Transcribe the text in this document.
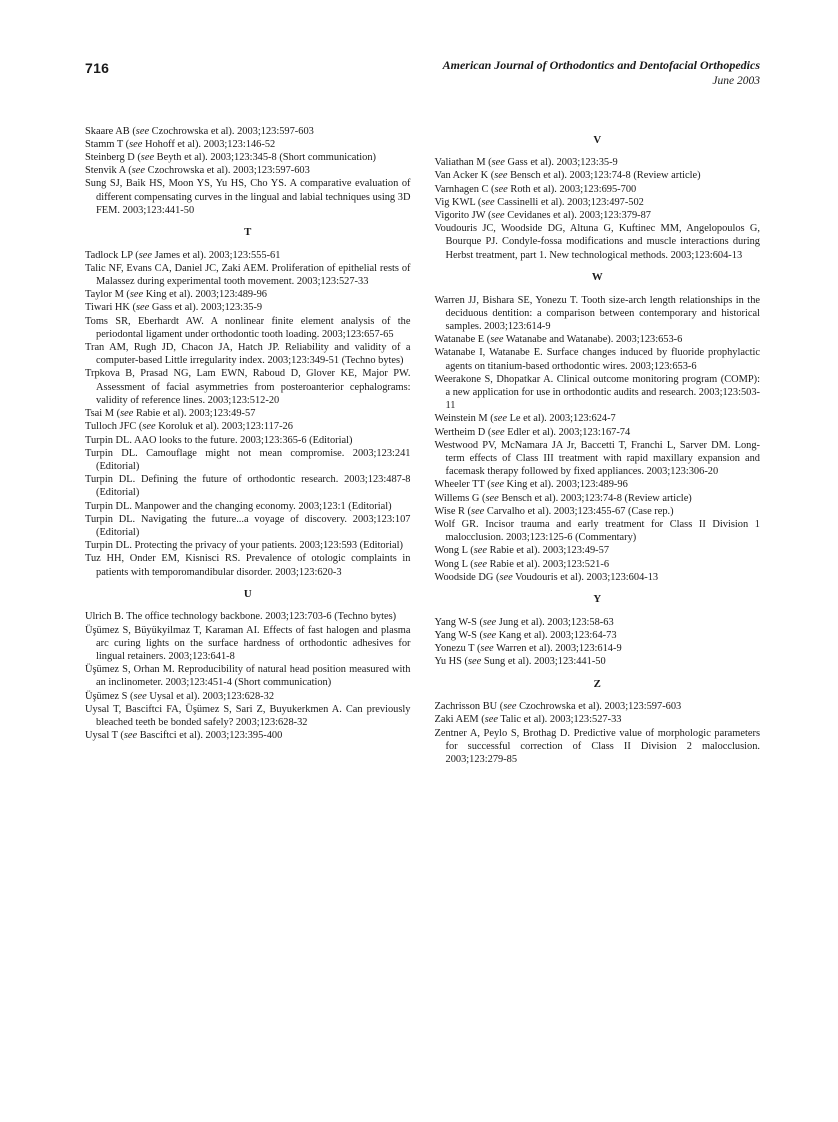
716	American Journal of Orthodontics and Dentofacial Orthopedics
June 2003
Skaare AB (see Czochrowska et al). 2003;123:597-603
Stamm T (see Hohoff et al). 2003;123:146-52
Steinberg D (see Beyth et al). 2003;123:345-8 (Short communication)
Stenvik A (see Czochrowska et al). 2003;123:597-603
Sung SJ, Baik HS, Moon YS, Yu HS, Cho YS. A comparative evaluation of different compensating curves in the lingual and labial techniques using 3D FEM. 2003;123:441-50
T
Tadlock LP (see James et al). 2003;123:555-61
Talic NF, Evans CA, Daniel JC, Zaki AEM. Proliferation of epithelial rests of Malassez during experimental tooth movement. 2003;123:527-33
Taylor M (see King et al). 2003;123:489-96
Tiwari HK (see Gass et al). 2003;123:35-9
Toms SR, Eberhardt AW. A nonlinear finite element analysis of the periodontal ligament under orthodontic tooth loading. 2003;123:657-65
Tran AM, Rugh JD, Chacon JA, Hatch JP. Reliability and validity of a computer-based Little irregularity index. 2003;123:349-51 (Techno bytes)
Trpkova B, Prasad NG, Lam EWN, Raboud D, Glover KE, Major PW. Assessment of facial asymmetries from posteroanterior cephalograms: validity of reference lines. 2003;123:512-20
Tsai M (see Rabie et al). 2003;123:49-57
Tulloch JFC (see Koroluk et al). 2003;123:117-26
Turpin DL. AAO looks to the future. 2003;123:365-6 (Editorial)
Turpin DL. Camouflage might not mean compromise. 2003;123:241 (Editorial)
Turpin DL. Defining the future of orthodontic research. 2003;123:487-8 (Editorial)
Turpin DL. Manpower and the changing economy. 2003;123:1 (Editorial)
Turpin DL. Navigating the future...a voyage of discovery. 2003;123:107 (Editorial)
Turpin DL. Protecting the privacy of your patients. 2003;123:593 (Editorial)
Tuz HH, Onder EM, Kisnisci RS. Prevalence of otologic complaints in patients with temporomandibular disorder. 2003;123:620-3
U
Ulrich B. The office technology backbone. 2003;123:703-6 (Techno bytes)
Üşümez S, Büyükyilmaz T, Karaman AI. Effects of fast halogen and plasma arc curing lights on the surface hardness of orthodontic adhesives for lingual retainers. 2003;123:641-8
Üşümez S, Orhan M. Reproducibility of natural head position measured with an inclinometer. 2003;123:451-4 (Short communication)
Üşümez S (see Uysal et al). 2003;123:628-32
Uysal T, Basciftci FA, Üşümez S, Sari Z, Buyukerkmen A. Can previously bleached teeth be bonded safely? 2003;123:628-32
Uysal T (see Basciftci et al). 2003;123:395-400
V
Valiathan M (see Gass et al). 2003;123:35-9
Van Acker K (see Bensch et al). 2003;123:74-8 (Review article)
Varnhagen C (see Roth et al). 2003;123:695-700
Vig KWL (see Cassinelli et al). 2003;123:497-502
Vigorito JW (see Cevidanes et al). 2003;123:379-87
Voudouris JC, Woodside DG, Altuna G, Kuftinec MM, Angelopoulos G, Bourque PJ. Condyle-fossa modifications and muscle interactions during Herbst treatment, part 1. New technological methods. 2003;123:604-13
W
Warren JJ, Bishara SE, Yonezu T. Tooth size-arch length relationships in the deciduous dentition: a comparison between contemporary and historical samples. 2003;123:614-9
Watanabe E (see Watanabe and Watanabe). 2003;123:653-6
Watanabe I, Watanabe E. Surface changes induced by fluoride prophylactic agents on titanium-based orthodontic wires. 2003;123:653-6
Weerakone S, Dhopatkar A. Clinical outcome monitoring program (COMP): a new application for use in orthodontic audits and research. 2003;123:503-11
Weinstein M (see Le et al). 2003;123:624-7
Wertheim D (see Edler et al). 2003;123:167-74
Westwood PV, McNamara JA Jr, Baccetti T, Franchi L, Sarver DM. Long-term effects of Class III treatment with rapid maxillary expansion and facemask therapy followed by fixed appliances. 2003;123:306-20
Wheeler TT (see King et al). 2003;123:489-96
Willems G (see Bensch et al). 2003;123:74-8 (Review article)
Wise R (see Carvalho et al). 2003;123:455-67 (Case rep.)
Wolf GR. Incisor trauma and early treatment for Class II Division 1 malocclusion. 2003;123:125-6 (Commentary)
Wong L (see Rabie et al). 2003;123:49-57
Wong L (see Rabie et al). 2003;123:521-6
Woodside DG (see Voudouris et al). 2003;123:604-13
Y
Yang W-S (see Jung et al). 2003;123:58-63
Yang W-S (see Kang et al). 2003;123:64-73
Yonezu T (see Warren et al). 2003;123:614-9
Yu HS (see Sung et al). 2003;123:441-50
Z
Zachrisson BU (see Czochrowska et al). 2003;123:597-603
Zaki AEM (see Talic et al). 2003;123:527-33
Zentner A, Peylo S, Brothag D. Predictive value of morphologic parameters for successful correction of Class II Division 2 malocclusion. 2003;123:279-85
